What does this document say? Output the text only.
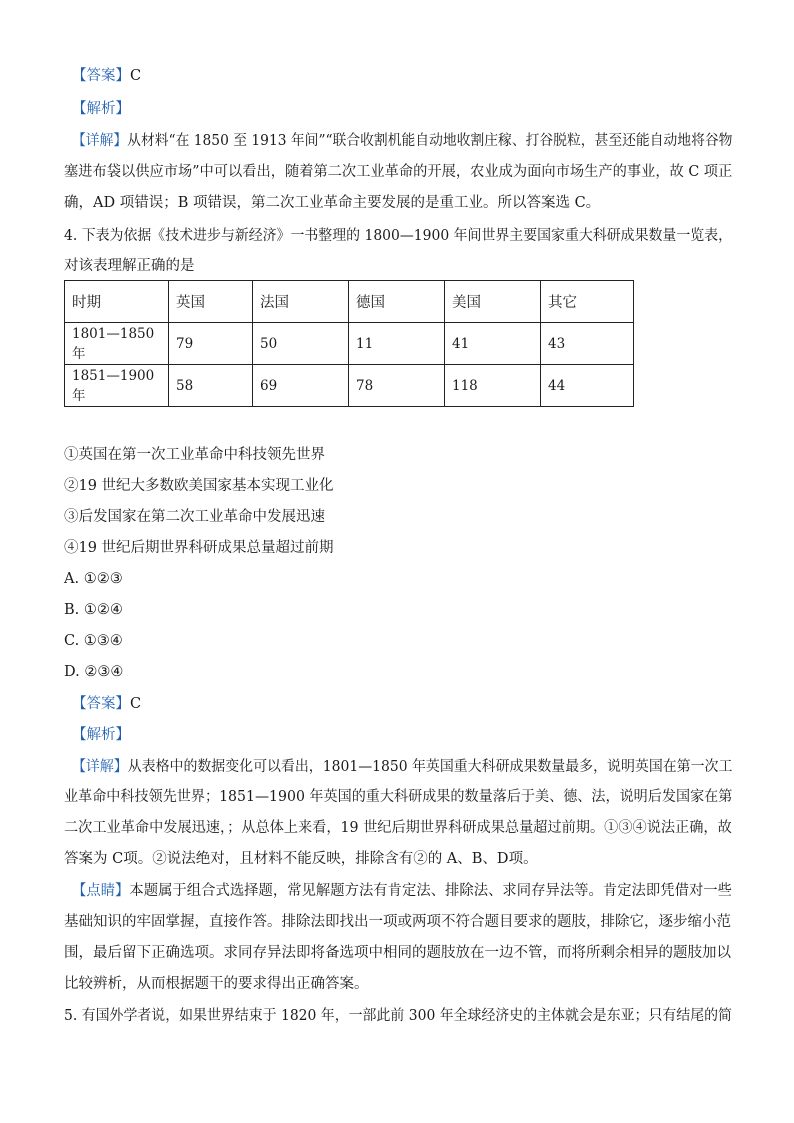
【答案】C
【解析】
【详解】从材料“在 1850 至 1913 年间”“联合收割机能自动地收割庄稼、打谷脱粒，甚至还能自动地将谷物
塞进布袋以供应市场”中可以看出，随着第二次工业革命的开展，农业成为面向市场生产的事业，故 C 项正
确，AD 项错误；B 项错误，第二次工业革命主要发展的是重工业。所以答案选 C。
4. 下表为依据《技术进步与新经济》一书整理的 1800—1900 年间世界主要国家重大科研成果数量一览表，
对该表理解正确的是
时期	英国	法国	德国	美国	其它
1801—1850 年	79	50	11	41	43
1851—1900 年	58	69	78	118	44
①英国在第一次工业革命中科技领先世界
②19 世纪大多数欧美国家基本实现工业化
③后发国家在第二次工业革命中发展迅速
④19 世纪后期世界科研成果总量超过前期
A. ①②③
B. ①②④
C. ①③④
D. ②③④
【答案】C
【解析】
【详解】从表格中的数据变化可以看出，1801—1850 年英国重大科研成果数量最多，说明英国在第一次工
业革命中科技领先世界；1851—1900 年英国的重大科研成果的数量落后于美、德、法，说明后发国家在第
二次工业革命中发展迅速，；从总体上来看，19 世纪后期世界科研成果总量超过前期。①③④说法正确，故
答案为 C项。②说法绝对，且材料不能反映，排除含有②的 A、B、D项。
【点睛】本题属于组合式选择题，常见解题方法有肯定法、排除法、求同存异法等。肯定法即凭借对一些
基础知识的牢固掌握，直接作答。排除法即找出一项或两项不符合题目要求的题肢，排除它，逐步缩小范
围，最后留下正确选项。求同存异法即将备选项中相同的题肢放在一边不管，而将所剩余相异的题肢加以
比较辨析，从而根据题干的要求得出正确答案。
5. 有国外学者说，如果世界结束于 1820 年，一部此前 300 年全球经济史的主体就会是东亚；只有结尾的简
